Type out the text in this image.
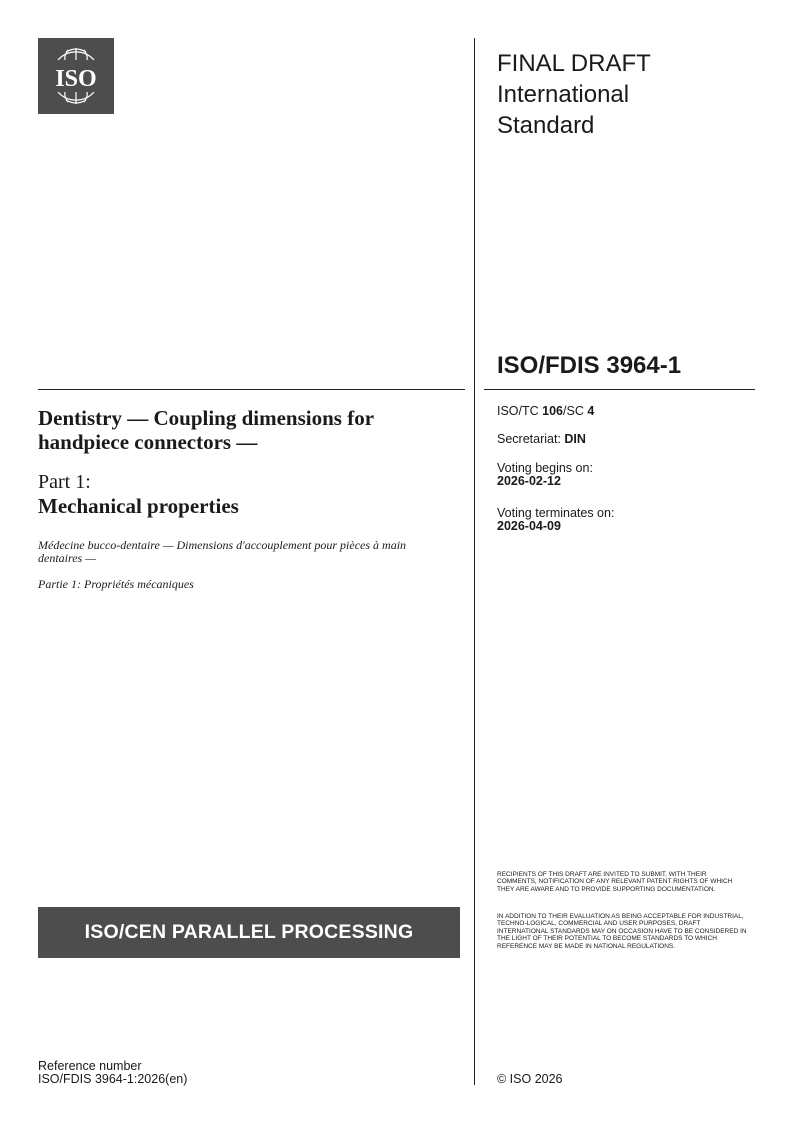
ISO
FINAL DRAFT
International
Standard
ISO/FDIS 3964-1
ISO/TC 106/SC 4
Secretariat: DIN
Voting begins on:
2026-02-12
Voting terminates on:
2026-04-09
Dentistry — Coupling dimensions for handpiece connectors —
Part 1:
Mechanical properties
Médecine bucco-dentaire — Dimensions d'accouplement pour pièces à main dentaires —
Partie 1: Propriétés mécaniques
ISO/CEN PARALLEL PROCESSING
RECIPIENTS OF THIS DRAFT ARE INVITED TO SUBMIT, WITH THEIR COMMENTS, NOTIFICATION OF ANY RELEVANT PATENT RIGHTS OF WHICH THEY ARE AWARE AND TO PROVIDE SUPPORTING DOCUMENTATION.
IN ADDITION TO THEIR EVALUATION AS BEING ACCEPTABLE FOR INDUSTRIAL, TECHNO-LOGICAL, COMMERCIAL AND USER PURPOSES, DRAFT INTERNATIONAL STANDARDS MAY ON OCCASION HAVE TO BE CONSIDERED IN THE LIGHT OF THEIR POTENTIAL TO BECOME STANDARDS TO WHICH REFERENCE MAY BE MADE IN NATIONAL REGULATIONS.
Reference number
ISO/FDIS 3964-1:2026(en)	© ISO 2026
